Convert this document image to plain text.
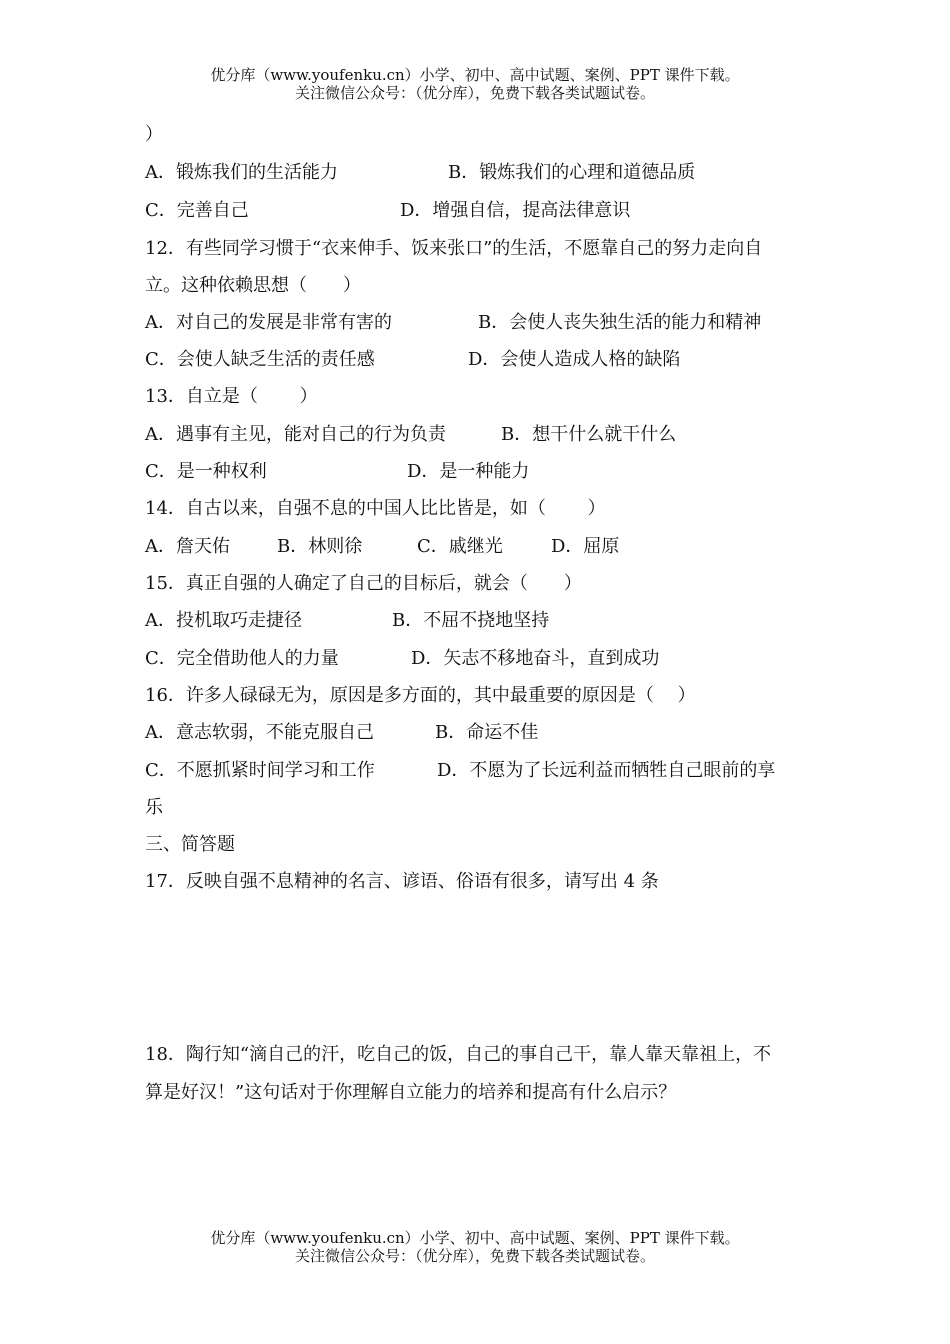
优分库（www.youfenku.cn）小学、初中、高中试题、案例、PPT 课件下载。
关注微信公众号：（优分库），免费下载各类试题试卷。
）
A．锻炼我们的生活能力	B．锻炼我们的心理和道德品质
C．完善自己	D．增强自信，提高法律意识
12．有些同学习惯于“衣来伸手、饭来张口”的生活，不愿靠自己的努力走向自
立。这种依赖思想（　　）
A．对自己的发展是非常有害的	B．会使人丧失独生活的能力和精神
C．会使人缺乏生活的责任感	D．会使人造成人格的缺陷
13．自立是（　　 ）
A．遇事有主见，能对自己的行为负责	B．想干什么就干什么
C．是一种权利	D．是一种能力
14．自古以来，自强不息的中国人比比皆是，如（　　 ）
A．詹天佑	B．林则徐	C．戚继光	D．屈原
15．真正自强的人确定了自己的目标后，就会（　　）
A．投机取巧走捷径	B．不屈不挠地坚持
C．完全借助他人的力量	D．矢志不移地奋斗，直到成功
16．许多人碌碌无为，原因是多方面的，其中最重要的原因是（　 ）
A．意志软弱，不能克服自己	B．命运不佳
C．不愿抓紧时间学习和工作	D．不愿为了长远利益而牺牲自己眼前的享
乐
三、简答题
17．反映自强不息精神的名言、谚语、俗语有很多，请写出 4 条
18．陶行知“滴自己的汗，吃自己的饭，自己的事自己干，靠人靠天靠祖上，不
算是好汉！”这句话对于你理解自立能力的培养和提高有什么启示？
优分库（www.youfenku.cn）小学、初中、高中试题、案例、PPT 课件下载。
关注微信公众号：（优分库），免费下载各类试题试卷。
